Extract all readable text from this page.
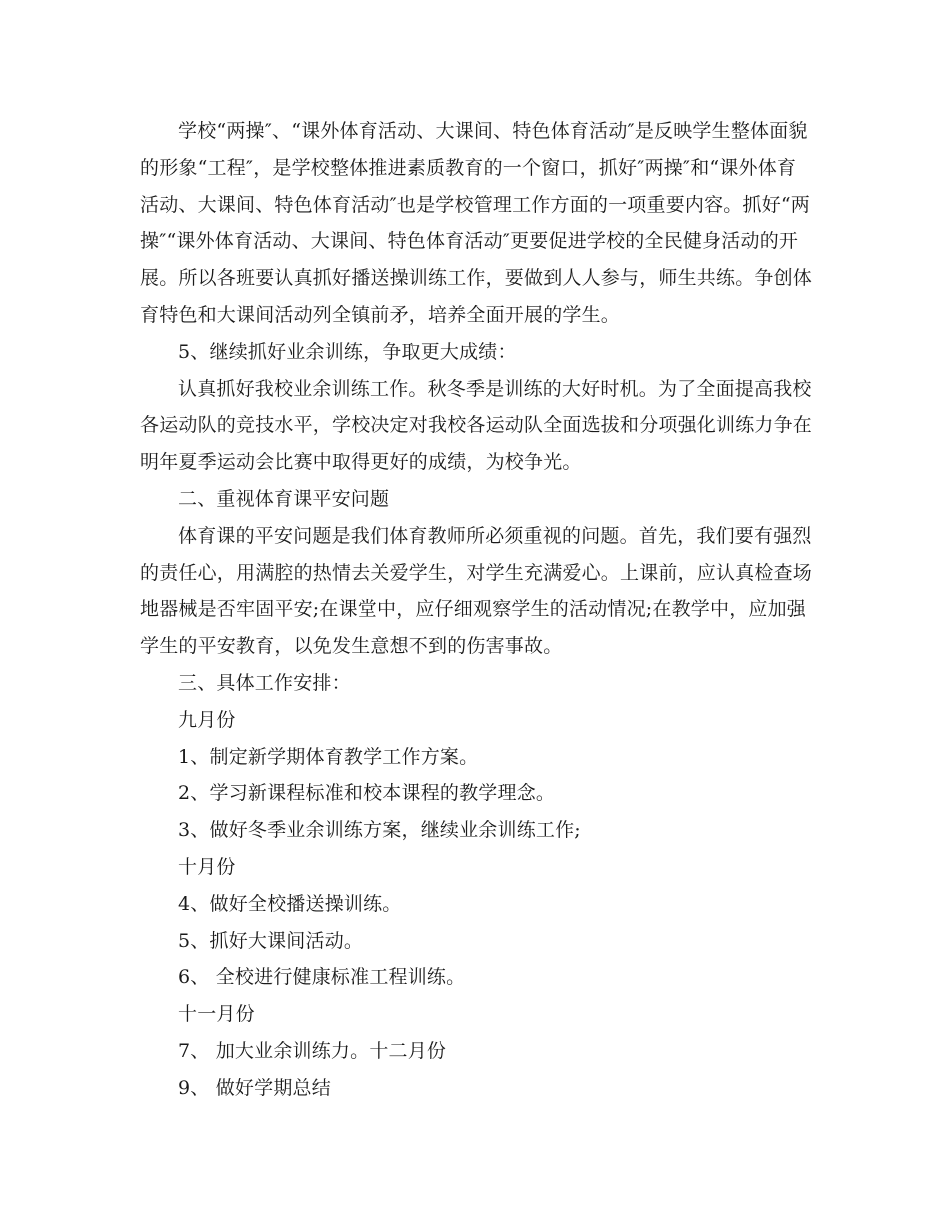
学校“两操″、“课外体育活动、大课间、特色体育活动″是反映学生整体面貌
的形象“工程″，是学校整体推进素质教育的一个窗口，抓好″两操″和“课外体育
活动、大课间、特色体育活动″也是学校管理工作方面的一项重要内容。抓好“两
操″“课外体育活动、大课间、特色体育活动″更要促进学校的全民健身活动的开
展。所以各班要认真抓好播送操训练工作，要做到人人参与，师生共练。争创体
育特色和大课间活动列全镇前矛，培养全面开展的学生。
5、继续抓好业余训练，争取更大成绩：
认真抓好我校业余训练工作。秋冬季是训练的大好时机。为了全面提高我校
各运动队的竞技水平，学校决定对我校各运动队全面选拔和分项强化训练力争在
明年夏季运动会比赛中取得更好的成绩，为校争光。
二、重视体育课平安问题
体育课的平安问题是我们体育教师所必须重视的问题。首先，我们要有强烈
的责任心，用满腔的热情去关爱学生，对学生充满爱心。上课前，应认真检查场
地器械是否牢固平安;在课堂中，应仔细观察学生的活动情况;在教学中，应加强
学生的平安教育，以免发生意想不到的伤害事故。
三、具体工作安排：
九月份
1、制定新学期体育教学工作方案。
2、学习新课程标准和校本课程的教学理念。
3、做好冬季业余训练方案，继续业余训练工作;
十月份
4、做好全校播送操训练。
5、抓好大课间活动。
6、 全校进行健康标准工程训练。
十一月份
7、 加大业余训练力。十二月份
9、 做好学期总结
